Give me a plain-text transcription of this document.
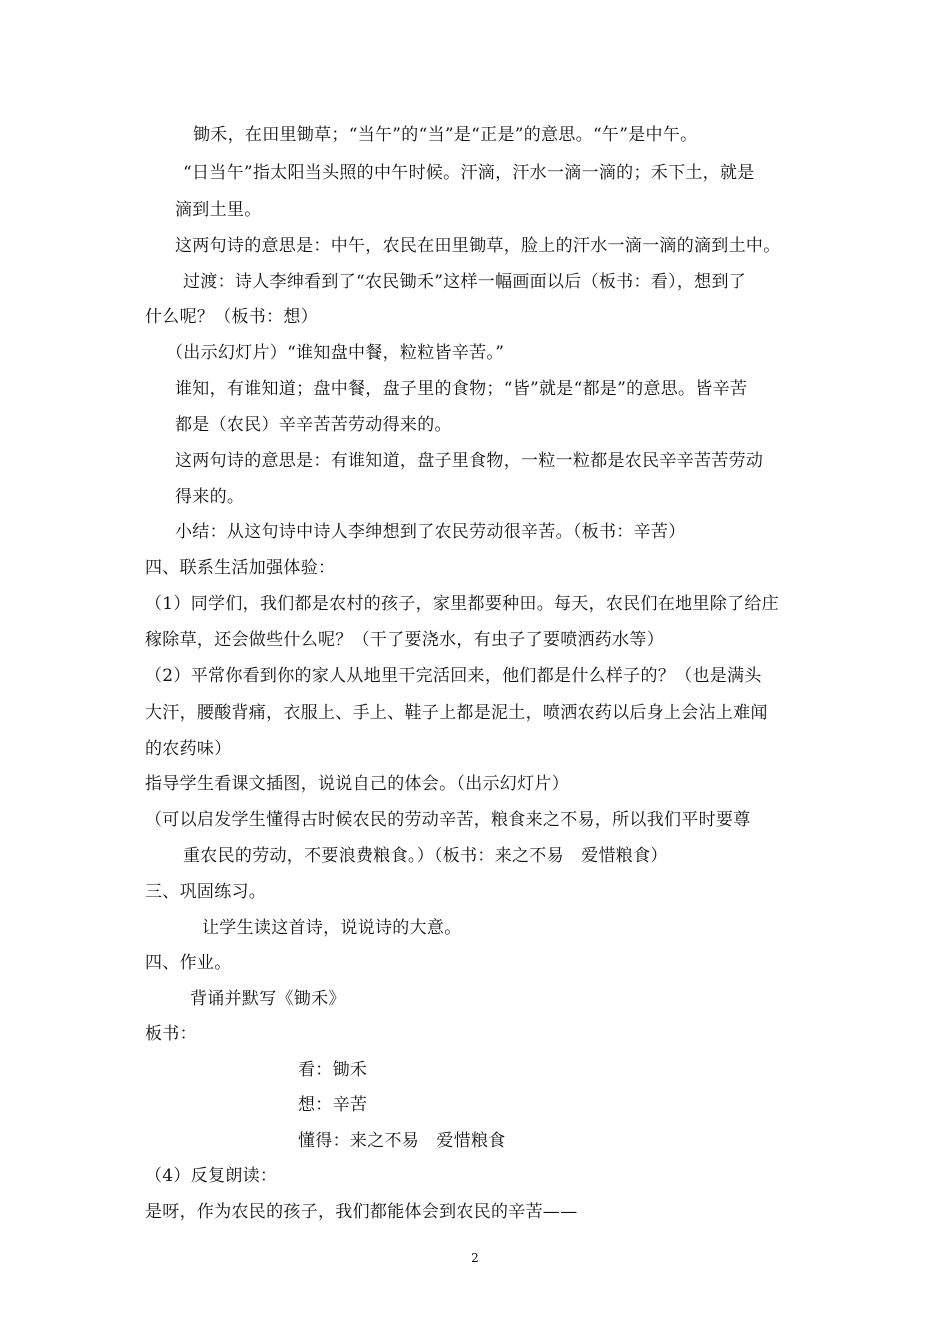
锄禾，在田里锄草；“当午”的“当”是“正是”的意思。“午”是中午。
“日当午”指太阳当头照的中午时候。汗滴，汗水一滴一滴的；禾下土，就是
滴到土里。
这两句诗的意思是：中午，农民在田里锄草，脸上的汗水一滴一滴的滴到土中。
过渡：诗人李绅看到了“农民锄禾”这样一幅画面以后（板书：看），想到了
什么呢？（板书：想）
（出示幻灯片）“谁知盘中餐，粒粒皆辛苦。”
谁知，有谁知道；盘中餐，盘子里的食物；“皆”就是“都是”的意思。皆辛苦
都是（农民）辛辛苦苦劳动得来的。
这两句诗的意思是：有谁知道，盘子里食物，一粒一粒都是农民辛辛苦苦劳动
得来的。
小结：从这句诗中诗人李绅想到了农民劳动很辛苦。（板书：辛苦）
四、联系生活加强体验：
（1）同学们，我们都是农村的孩子，家里都要种田。每天，农民们在地里除了给庄
稼除草，还会做些什么呢？（干了要浇水，有虫子了要喷洒药水等）
（2）平常你看到你的家人从地里干完活回来，他们都是什么样子的？（也是满头
大汗，腰酸背痛，衣服上、手上、鞋子上都是泥土，喷洒农药以后身上会沾上难闻
的农药味）
指导学生看课文插图，说说自己的体会。（出示幻灯片）
（可以启发学生懂得古时候农民的劳动辛苦，粮食来之不易，所以我们平时要尊
重农民的劳动，不要浪费粮食。）（板书：来之不易　爱惜粮食）
三、巩固练习。
让学生读这首诗，说说诗的大意。
四、作业。
背诵并默写《锄禾》
板书：
看：锄禾
想：辛苦
懂得：来之不易　爱惜粮食
（4）反复朗读：
是呀，作为农民的孩子，我们都能体会到农民的辛苦——
2
